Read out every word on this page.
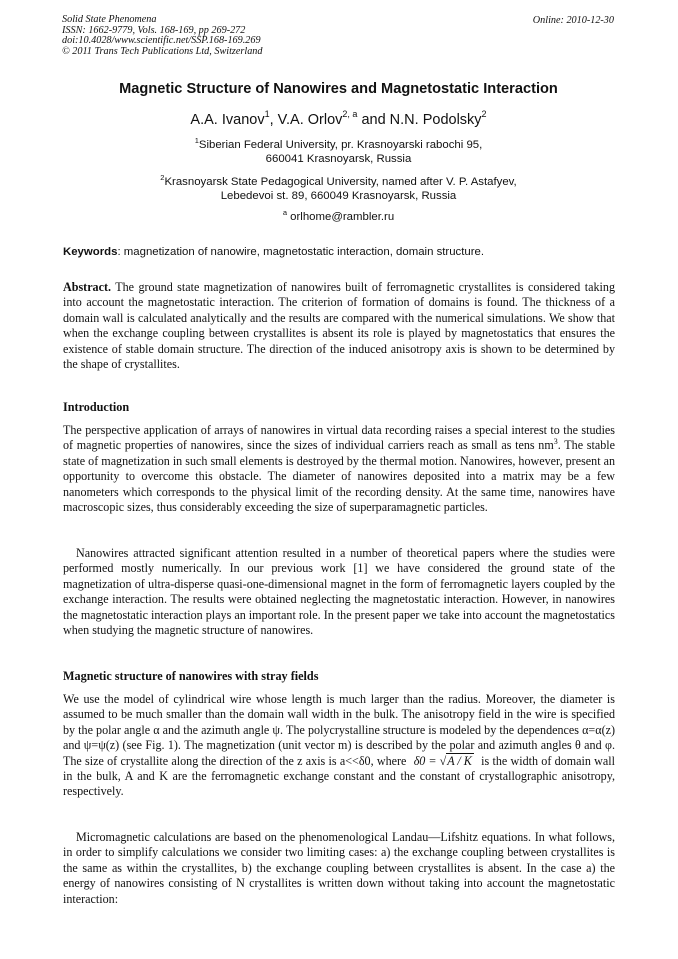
Solid State Phenomena
ISSN: 1662-9779, Vols. 168-169, pp 269-272
doi:10.4028/www.scientific.net/SSP.168-169.269
© 2011 Trans Tech Publications Ltd, Switzerland
Online: 2010-12-30
Magnetic Structure of Nanowires and Magnetostatic Interaction
A.A. Ivanov$^1$, V.A. Orlov$^{2, a}$ and N.N. Podolsky$^2$
$^1$Siberian Federal University, pr. Krasnoyarski rabochi 95,
660041 Krasnoyarsk, Russia
$^2$Krasnoyarsk State Pedagogical University, named after V. P. Astafyev,
Lebedevoi st. 89, 660049 Krasnoyarsk, Russia
$^a$ orlhome@rambler.ru
Keywords: magnetization of nanowire, magnetostatic interaction, domain structure.
Abstract. The ground state magnetization of nanowires built of ferromagnetic crystallites is considered taking into account the magnetostatic interaction. The criterion of formation of domains is found. The thickness of a domain wall is calculated analytically and the results are compared with the numerical simulations. We show that when the exchange coupling between crystallites is absent its role is played by magnetostatics that ensures the existence of stable domain structure. The direction of the induced anisotropy axis is shown to be determined by the shape of crystallites.
Introduction
The perspective application of arrays of nanowires in virtual data recording raises a special interest to the studies of magnetic properties of nanowires, since the sizes of individual carriers reach as small as tens $nm^3$. The stable state of magnetization in such small elements is destroyed by the thermal motion. Nanowires, however, present an opportunity to overcome this obstacle. The diameter of nanowires deposited into a matrix may be a few nanometers which corresponds to the physical limit of the recording density. At the same time, nanowires have macroscopic sizes, thus considerably exceeding the size of superparamagnetic particles.
Nanowires attracted significant attention resulted in a number of theoretical papers where the studies were performed mostly numerically. In our previous work [1] we have considered the ground state of the magnetization of ultra-disperse quasi-one-dimensional magnet in the form of ferromagnetic layers coupled by the exchange interaction. The results were obtained neglecting the magnetostatic interaction. However, in nanowires the magnetostatic interaction plays an important role. In the present paper we take into account the magnetostatics when studying the magnetic structure of nanowires.
Magnetic structure of nanowires with stray fields
We use the model of cylindrical wire whose length is much larger than the radius. Moreover, the diameter is assumed to be much smaller than the domain wall width in the bulk. The anisotropy field in the wire is specified by the polar angle α and the azimuth angle ψ. The polycrystalline structure is modeled by the dependences α=α(z) and ψ=ψ(z) (see Fig. 1). The magnetization (unit vector m) is described by the polar and azimuth angles θ and φ. The size of crystallite along the direction of the z axis is a<<δ0, where δ0 = √A / K is the width of domain wall in the bulk, A and K are the ferromagnetic exchange constant and the constant of crystallographic anisotropy, respectively.
Micromagnetic calculations are based on the phenomenological Landau—Lifshitz equations. In what follows, in order to simplify calculations we consider two limiting cases: a) the exchange coupling between crystallites is the same as within the crystallites, b) the exchange coupling between crystallites is absent. In the case a) the energy of nanowires consisting of N crystallites is written down without taking into account the magnetostatic interaction:
